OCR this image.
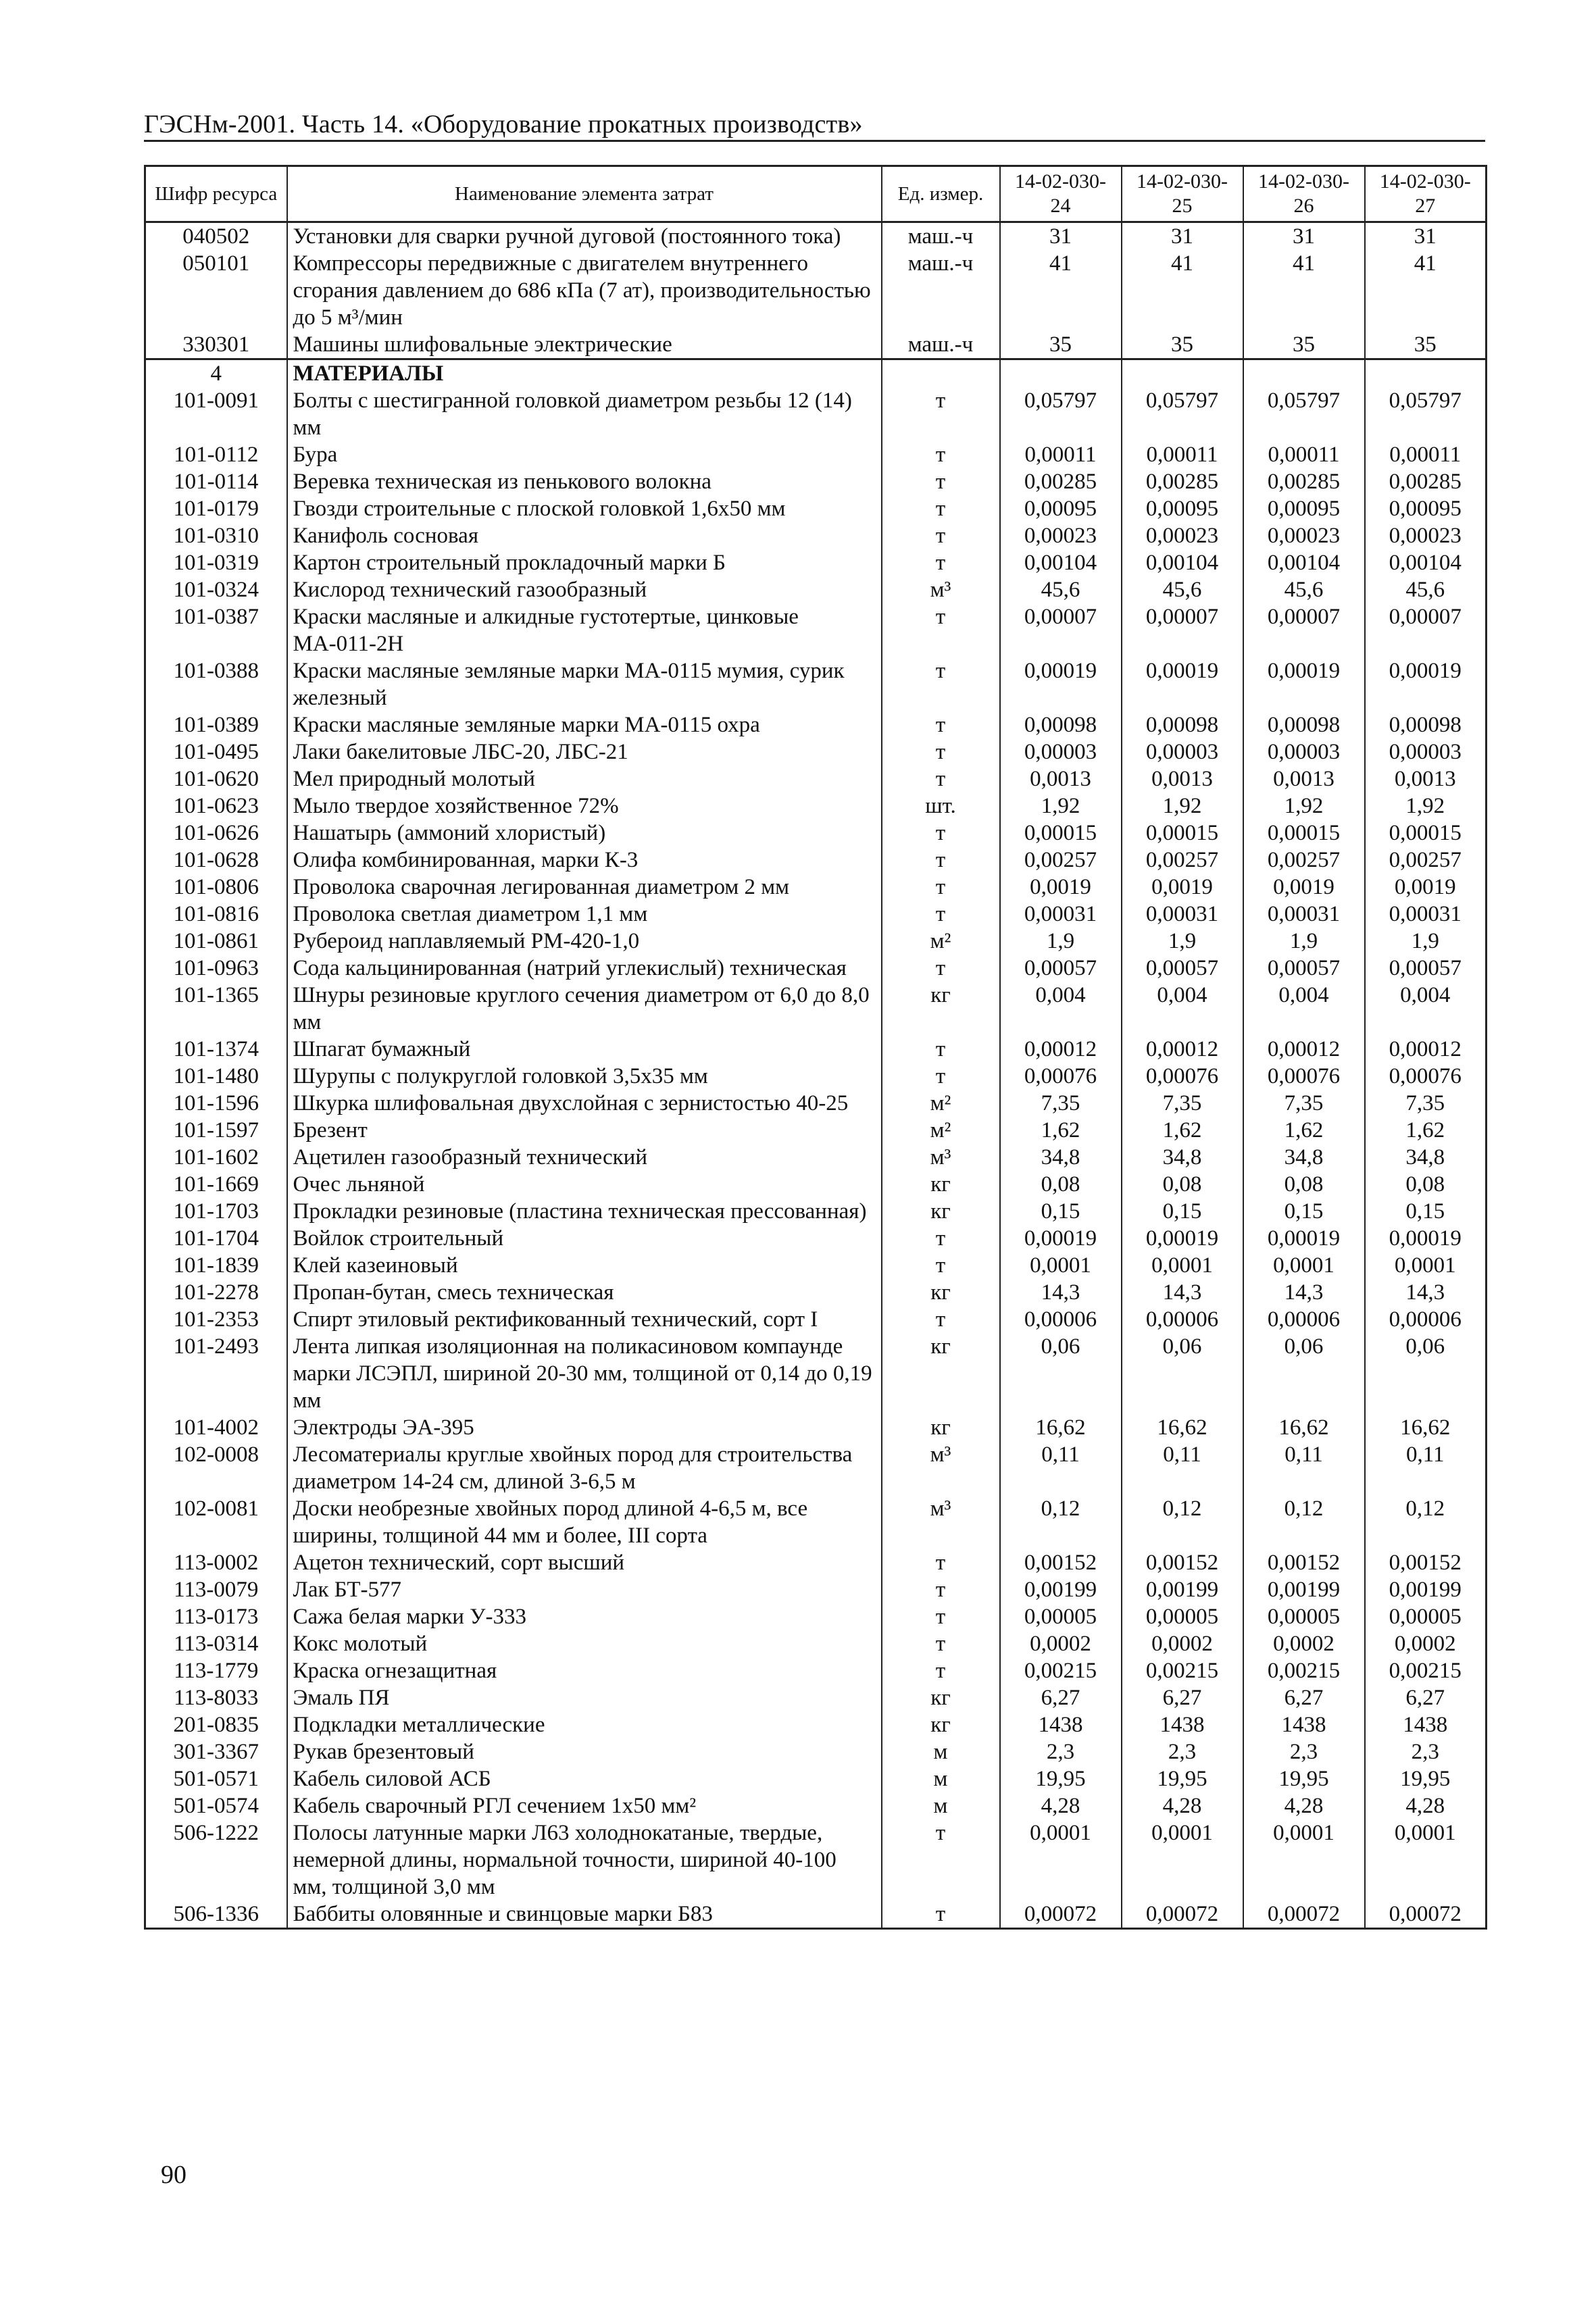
ГЭСНм-2001. Часть 14. «Оборудование прокатных производств»
Шифр ресурса	Наименование элемента затрат	Ед. измер.	14-02-030-24	14-02-030-25	14-02-030-26	14-02-030-27
040502	Установки для сварки ручной дуговой (постоянного тока)	маш.-ч	31	31	31	31
050101	Компрессоры передвижные с двигателем внутреннего сгорания давлением до 686 кПа (7 ат), производительностью до 5 м³/мин	маш.-ч	41	41	41	41
330301	Машины шлифовальные электрические	маш.-ч	35	35	35	35
4	МАТЕРИАЛЫ					
101-0091	Болты с шестигранной головкой диаметром резьбы 12 (14) мм	т	0,05797	0,05797	0,05797	0,05797
101-0112	Бура	т	0,00011	0,00011	0,00011	0,00011
101-0114	Веревка техническая из пенькового волокна	т	0,00285	0,00285	0,00285	0,00285
101-0179	Гвозди строительные с плоской головкой 1,6х50 мм	т	0,00095	0,00095	0,00095	0,00095
101-0310	Канифоль сосновая	т	0,00023	0,00023	0,00023	0,00023
101-0319	Картон строительный прокладочный марки Б	т	0,00104	0,00104	0,00104	0,00104
101-0324	Кислород технический газообразный	м³	45,6	45,6	45,6	45,6
101-0387	Краски масляные и алкидные густотертые, цинковые МА-011-2Н	т	0,00007	0,00007	0,00007	0,00007
101-0388	Краски масляные земляные марки МА-0115 мумия, сурик железный	т	0,00019	0,00019	0,00019	0,00019
101-0389	Краски масляные земляные марки МА-0115 охра	т	0,00098	0,00098	0,00098	0,00098
101-0495	Лаки бакелитовые ЛБС-20, ЛБС-21	т	0,00003	0,00003	0,00003	0,00003
101-0620	Мел природный молотый	т	0,0013	0,0013	0,0013	0,0013
101-0623	Мыло твердое хозяйственное 72%	шт.	1,92	1,92	1,92	1,92
101-0626	Нашатырь (аммоний хлористый)	т	0,00015	0,00015	0,00015	0,00015
101-0628	Олифа комбинированная, марки К-3	т	0,00257	0,00257	0,00257	0,00257
101-0806	Проволока сварочная легированная диаметром 2 мм	т	0,0019	0,0019	0,0019	0,0019
101-0816	Проволока светлая диаметром 1,1 мм	т	0,00031	0,00031	0,00031	0,00031
101-0861	Рубероид наплавляемый РМ-420-1,0	м²	1,9	1,9	1,9	1,9
101-0963	Сода кальцинированная (натрий углекислый) техническая	т	0,00057	0,00057	0,00057	0,00057
101-1365	Шнуры резиновые круглого сечения диаметром от 6,0 до 8,0 мм	кг	0,004	0,004	0,004	0,004
101-1374	Шпагат бумажный	т	0,00012	0,00012	0,00012	0,00012
101-1480	Шурупы с полукруглой головкой 3,5х35 мм	т	0,00076	0,00076	0,00076	0,00076
101-1596	Шкурка шлифовальная двухслойная с зернистостью 40-25	м²	7,35	7,35	7,35	7,35
101-1597	Брезент	м²	1,62	1,62	1,62	1,62
101-1602	Ацетилен газообразный технический	м³	34,8	34,8	34,8	34,8
101-1669	Очес льняной	кг	0,08	0,08	0,08	0,08
101-1703	Прокладки резиновые (пластина техническая прессованная)	кг	0,15	0,15	0,15	0,15
101-1704	Войлок строительный	т	0,00019	0,00019	0,00019	0,00019
101-1839	Клей казеиновый	т	0,0001	0,0001	0,0001	0,0001
101-2278	Пропан-бутан, смесь техническая	кг	14,3	14,3	14,3	14,3
101-2353	Спирт этиловый ректификованный технический, сорт I	т	0,00006	0,00006	0,00006	0,00006
101-2493	Лента липкая изоляционная на поликасиновом компаунде марки ЛСЭПЛ, шириной 20-30 мм, толщиной от 0,14 до 0,19 мм	кг	0,06	0,06	0,06	0,06
101-4002	Электроды ЭА-395	кг	16,62	16,62	16,62	16,62
102-0008	Лесоматериалы круглые хвойных пород для строительства диаметром 14-24 см, длиной 3-6,5 м	м³	0,11	0,11	0,11	0,11
102-0081	Доски необрезные хвойных пород длиной 4-6,5 м, все ширины, толщиной 44 мм и более, III сорта	м³	0,12	0,12	0,12	0,12
113-0002	Ацетон технический, сорт высший	т	0,00152	0,00152	0,00152	0,00152
113-0079	Лак БТ-577	т	0,00199	0,00199	0,00199	0,00199
113-0173	Сажа белая марки У-333	т	0,00005	0,00005	0,00005	0,00005
113-0314	Кокс молотый	т	0,0002	0,0002	0,0002	0,0002
113-1779	Краска огнезащитная	т	0,00215	0,00215	0,00215	0,00215
113-8033	Эмаль ПЯ	кг	6,27	6,27	6,27	6,27
201-0835	Подкладки металлические	кг	1438	1438	1438	1438
301-3367	Рукав брезентовый	м	2,3	2,3	2,3	2,3
501-0571	Кабель силовой АСБ	м	19,95	19,95	19,95	19,95
501-0574	Кабель сварочный РГЛ сечением 1х50 мм²	м	4,28	4,28	4,28	4,28
506-1222	Полосы латунные марки Л63 холоднокатаные, твердые, немерной длины, нормальной точности, шириной 40-100 мм, толщиной 3,0 мм	т	0,0001	0,0001	0,0001	0,0001
506-1336	Баббиты оловянные и свинцовые марки Б83	т	0,00072	0,00072	0,00072	0,00072
90
